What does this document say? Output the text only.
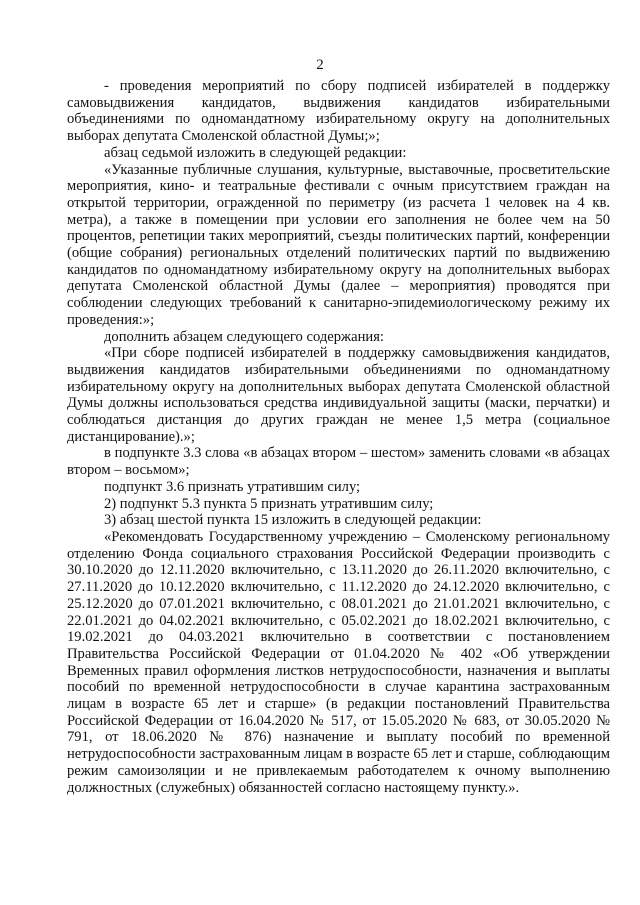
2

- проведения мероприятий по сбору подписей избирателей в поддержку самовыдвижения кандидатов, выдвижения кандидатов избирательными объединениями по одномандатному избирательному округу на дополнительных выборах депутата Смоленской областной Думы;»;

абзац седьмой изложить в следующей редакции:

«Указанные публичные слушания, культурные, выставочные, просветительские мероприятия, кино- и театральные фестивали с очным присутствием граждан на открытой территории, огражденной по периметру (из расчета 1 человек на 4 кв. метра), а также в помещении при условии его заполнения не более чем на 50 процентов, репетиции таких мероприятий, съезды политических партий, конференции (общие собрания) региональных отделений политических партий по выдвижению кандидатов по одномандатному избирательному округу на дополнительных выборах депутата Смоленской областной Думы (далее – мероприятия) проводятся при соблюдении следующих требований к санитарно-эпидемиологическому режиму их проведения:»;

дополнить абзацем следующего содержания:

«При сборе подписей избирателей в поддержку самовыдвижения кандидатов, выдвижения кандидатов избирательными объединениями по одномандатному избирательному округу на дополнительных выборах депутата Смоленской областной Думы должны использоваться средства индивидуальной защиты (маски, перчатки) и соблюдаться дистанция до других граждан не менее 1,5 метра (социальное дистанцирование).»;

в подпункте 3.3 слова «в абзацах втором – шестом» заменить словами «в абзацах втором – восьмом»;

подпункт 3.6 признать утратившим силу;

2) подпункт 5.3 пункта 5 признать утратившим силу;

3) абзац шестой пункта 15 изложить в следующей редакции:

«Рекомендовать Государственному учреждению – Смоленскому региональному отделению Фонда социального страхования Российской Федерации производить с 30.10.2020 до 12.11.2020 включительно, с 13.11.2020 до 26.11.2020 включительно, с 27.11.2020 до 10.12.2020 включительно, с 11.12.2020 до 24.12.2020 включительно, с 25.12.2020 до 07.01.2021 включительно, с 08.01.2021 до 21.01.2021 включительно, с 22.01.2021 до 04.02.2021 включительно, с 05.02.2021 до 18.02.2021 включительно, с 19.02.2021 до 04.03.2021 включительно в соответствии с постановлением Правительства Российской Федерации от 01.04.2020 № 402 «Об утверждении Временных правил оформления листков нетрудоспособности, назначения и выплаты пособий по временной нетрудоспособности в случае карантина застрахованным лицам в возрасте 65 лет и старше» (в редакции постановлений Правительства Российской Федерации от 16.04.2020 № 517, от 15.05.2020 № 683, от 30.05.2020 № 791, от 18.06.2020 № 876) назначение и выплату пособий по временной нетрудоспособности застрахованным лицам в возрасте 65 лет и старше, соблюдающим режим самоизоляции и не привлекаемым работодателем к очному выполнению должностных (служебных) обязанностей согласно настоящему пункту.».
